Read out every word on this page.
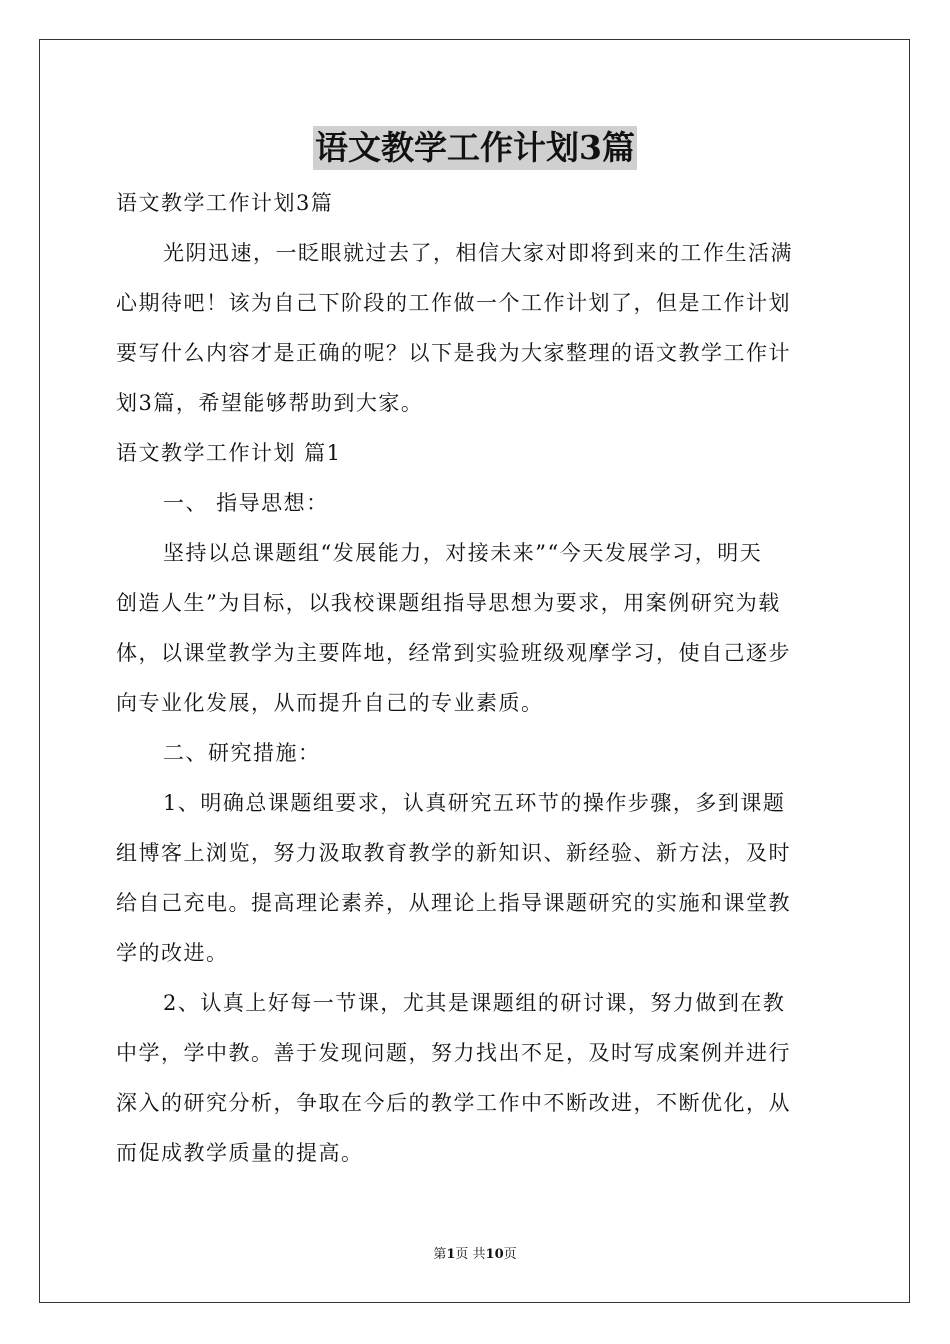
语文教学工作计划3篇

语文教学工作计划3篇

光阴迅速，一眨眼就过去了，相信大家对即将到来的工作生活满

心期待吧！该为自己下阶段的工作做一个工作计划了，但是工作计划

要写什么内容才是正确的呢？以下是我为大家整理的语文教学工作计

划3篇，希望能够帮助到大家。

语文教学工作计划 篇1

一、 指导思想：

坚持以总课题组“发展能力，对接未来”“今天发展学习，明天

创造人生”为目标，以我校课题组指导思想为要求，用案例研究为载

体，以课堂教学为主要阵地，经常到实验班级观摩学习，使自己逐步

向专业化发展，从而提升自己的专业素质。

二、研究措施：

1、明确总课题组要求，认真研究五环节的操作步骤，多到课题

组博客上浏览，努力汲取教育教学的新知识、新经验、新方法，及时

给自己充电。提高理论素养，从理论上指导课题研究的实施和课堂教

学的改进。

2、认真上好每一节课，尤其是课题组的研讨课，努力做到在教

中学，学中教。善于发现问题，努力找出不足，及时写成案例并进行

深入的研究分析，争取在今后的教学工作中不断改进，不断优化，从

而促成教学质量的提高。

第1页 共10页
